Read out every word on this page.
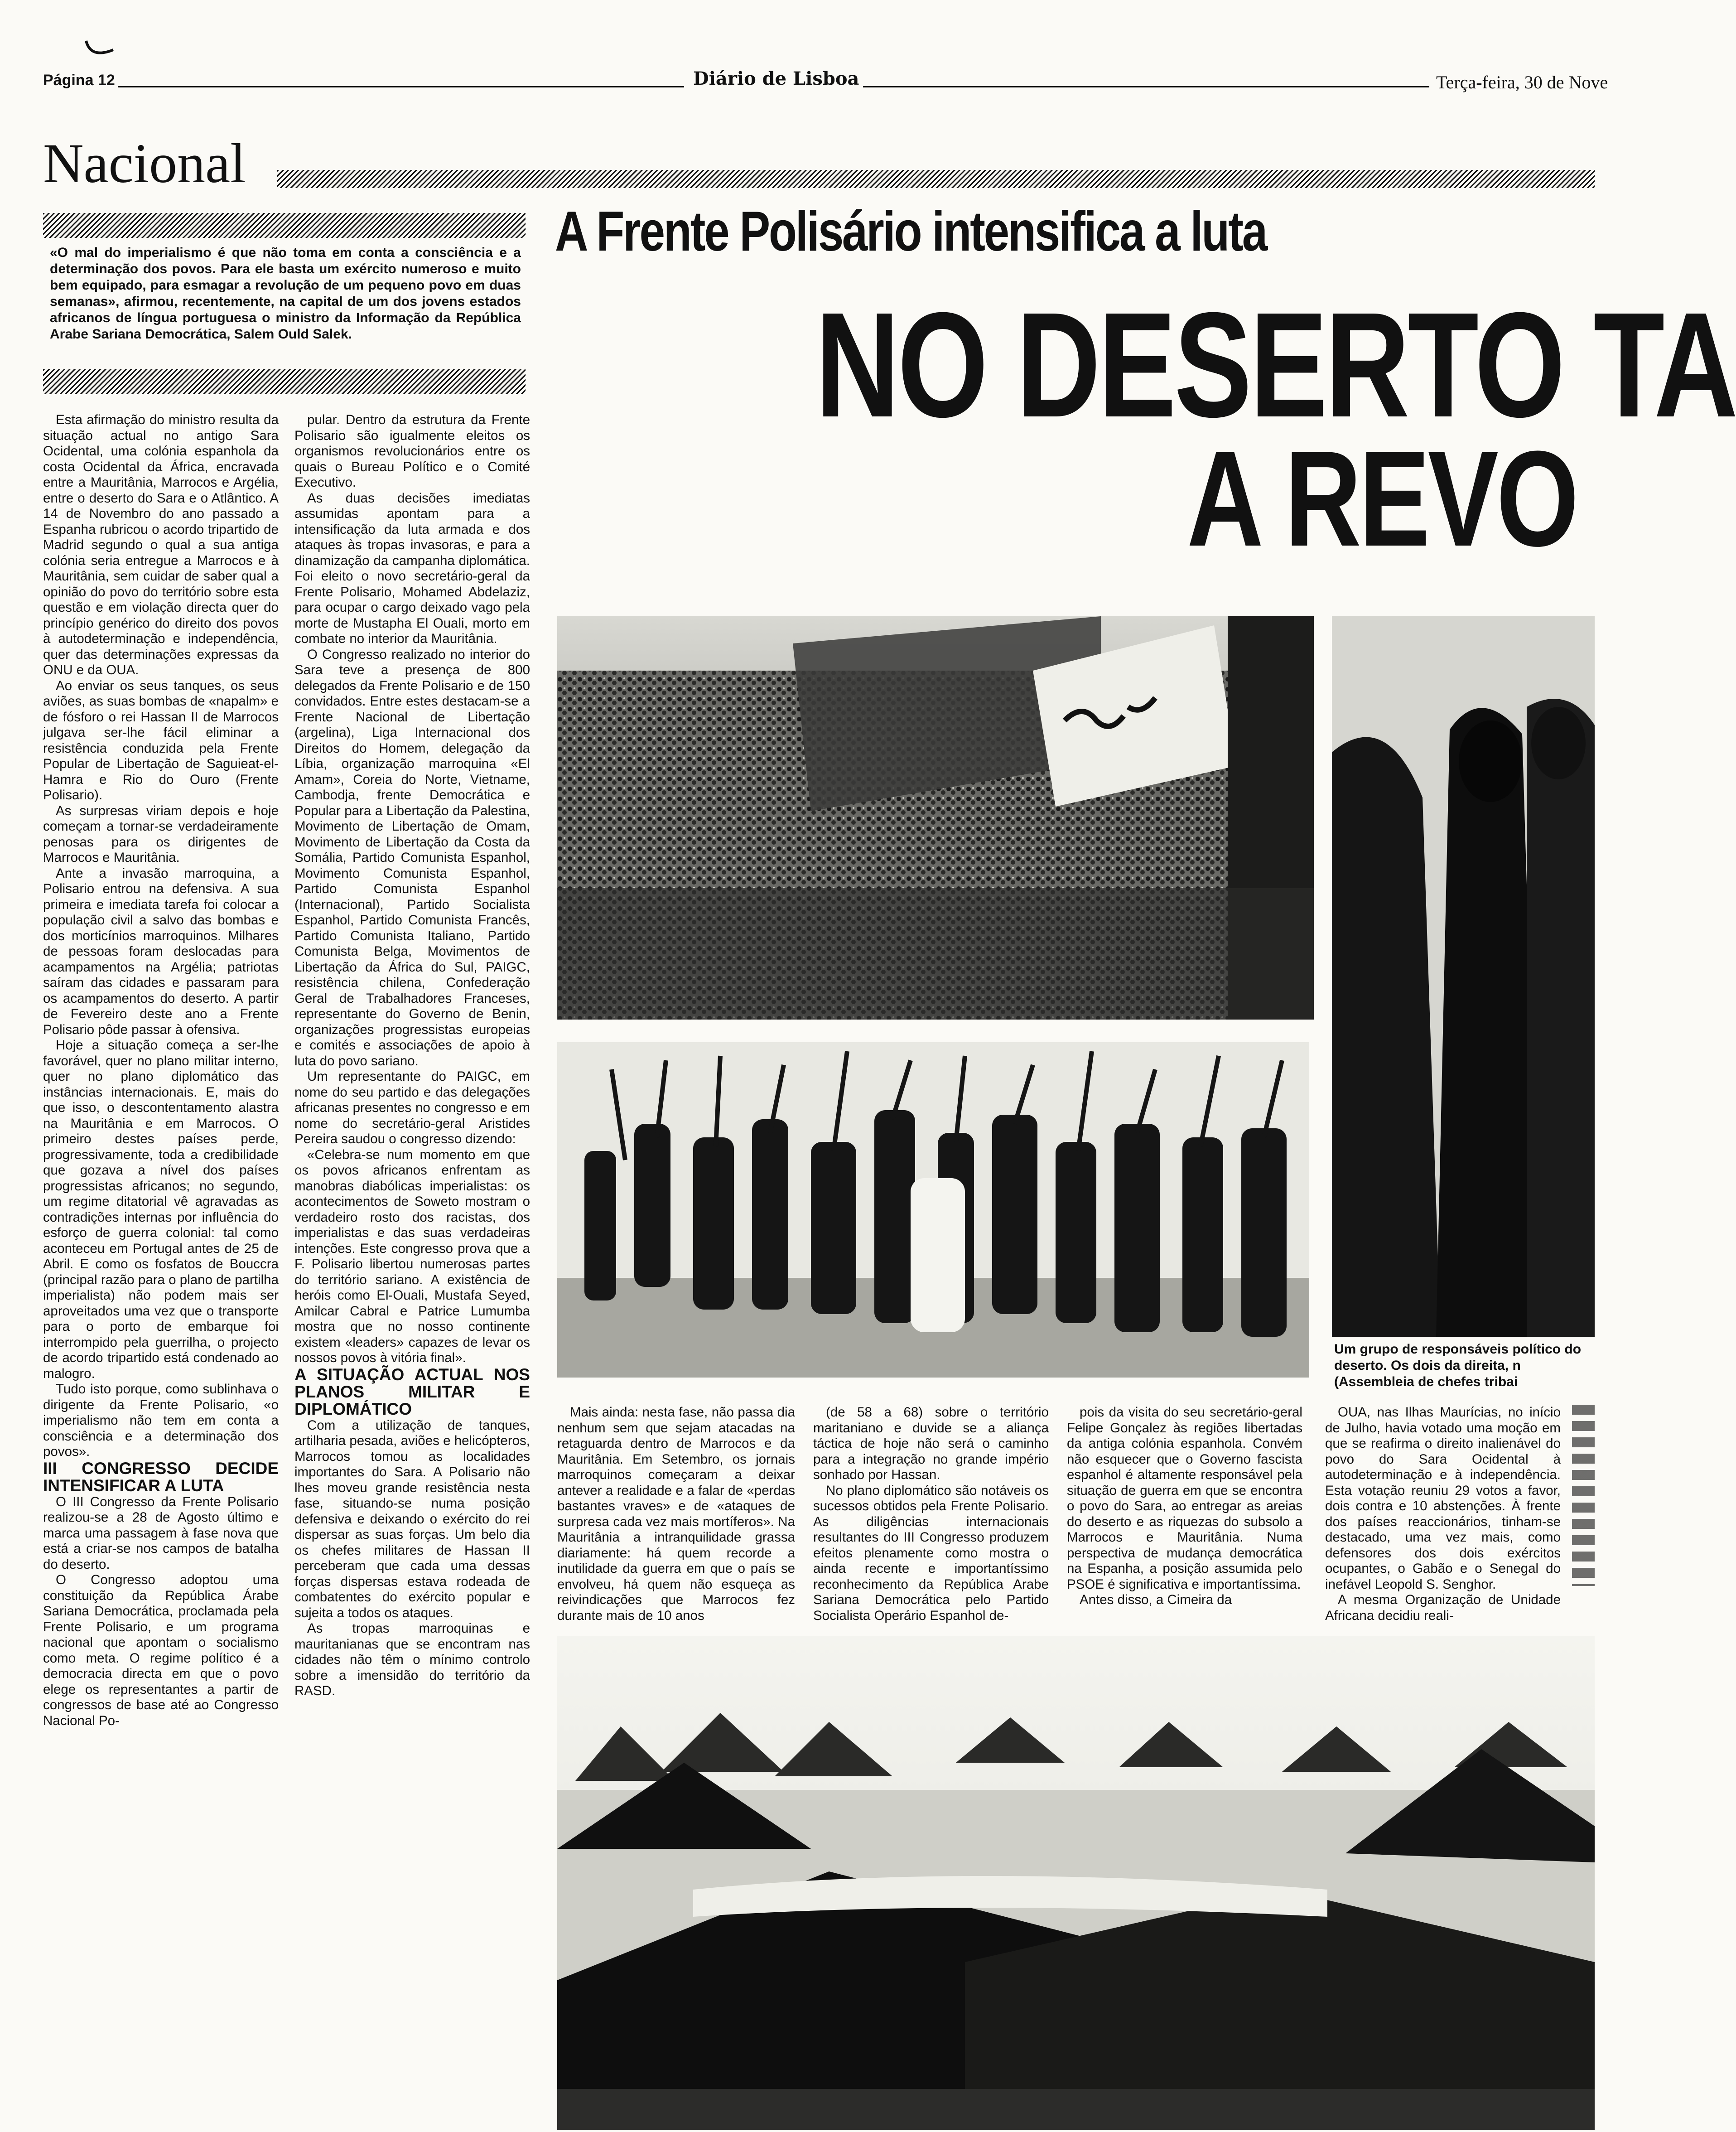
Página 12	Diário de Lisboa	Terça-feira, 30 de Nove
Nacional
«O mal do imperialismo é que não toma em conta a consciência e a determinação dos povos. Para ele basta um exército numeroso e muito bem equipado, para esmagar a revolução de um pequeno povo em duas semanas», afirmou, recentemente, na capital de um dos jovens estados africanos de língua portuguesa o ministro da Informação da República Arabe Sariana Democrática, Salem Ould Salek.
A Frente Polisário intensifica a luta
NO DESERTO TA
A REVO

Esta afirmação do ministro resulta da situação actual no antigo Sara Ocidental, uma colónia espanhola da costa Ocidental da África, encravada entre a Mauritânia, Marrocos e Argélia, entre o deserto do Sara e o Atlântico. A 14 de Novembro do ano passado a Espanha rubricou o acordo tripartido de Madrid segundo o qual a sua antiga colónia seria entregue a Marrocos e à Mauritânia, sem cuidar de saber qual a opinião do povo do território sobre esta questão e em violação directa quer do princípio genérico do direito dos povos à autodeterminação e independência, quer das determinações expressas da ONU e da OUA.

Ao enviar os seus tanques, os seus aviões, as suas bombas de «napalm» e de fósforo o rei Hassan II de Marrocos julgava ser-lhe fácil eliminar a resistência conduzida pela Frente Popular de Libertação de Saguieat-el-Hamra e Rio do Ouro (Frente Polisario).

As surpresas viriam depois e hoje começam a tornar-se verdadeiramente penosas para os dirigentes de Marrocos e Mauritânia.

Ante a invasão marroquina, a Polisario entrou na defensiva. A sua primeira e imediata tarefa foi colocar a população civil a salvo das bombas e dos morticínios marroquinos. Milhares de pessoas foram deslocadas para acampamentos na Argélia; patriotas saíram das cidades e passaram para os acampamentos do deserto. A partir de Fevereiro deste ano a Frente Polisario pôde passar à ofensiva.

Hoje a situação começa a ser-lhe favorável, quer no plano militar interno, quer no plano diplomático das instâncias internacionais. E, mais do que isso, o descontentamento alastra na Mauritânia e em Marrocos. O primeiro destes países perde, progressivamente, toda a credibilidade que gozava a nível dos países progressistas africanos; no segundo, um regime ditatorial vê agravadas as contradições internas por influência do esforço de guerra colonial: tal como aconteceu em Portugal antes de 25 de Abril. E como os fosfatos de Bouccra (principal razão para o plano de partilha imperialista) não podem mais ser aproveitados uma vez que o transporte para o porto de embarque foi interrompido pela guerrilha, o projecto de acordo tripartido está condenado ao malogro.

Tudo isto porque, como sublinhava o dirigente da Frente Polisario, «o imperialismo não tem em conta a consciência e a determinação dos povos».

III CONGRESSO DECIDE INTENSIFICAR A LUTA

O III Congresso da Frente Polisario realizou-se a 28 de Agosto último e marca uma passagem à fase nova que está a criar-se nos campos de batalha do deserto.

O Congresso adoptou uma constituição da República Árabe Sariana Democrática, proclamada pela Frente Polisario, e um programa nacional que apontam o socialismo como meta. O regime político é a democracia directa em que o povo elege os representantes a partir de congressos de base até ao Congresso Nacional Po-

pular. Dentro da estrutura da Frente Polisario são igualmente eleitos os organismos revolucionários entre os quais o Bureau Político e o Comité Executivo.

As duas decisões imediatas assumidas apontam para a intensificação da luta armada e dos ataques às tropas invasoras, e para a dinamização da campanha diplomática. Foi eleito o novo secretário-geral da Frente Polisario, Mohamed Abdelaziz, para ocupar o cargo deixado vago pela morte de Mustapha El Ouali, morto em combate no interior da Mauritânia.

O Congresso realizado no interior do Sara teve a presença de 800 delegados da Frente Polisario e de 150 convidados. Entre estes destacam-se a Frente Nacional de Libertação (argelina), Liga Internacional dos Direitos do Homem, delegação da Líbia, organização marroquina «El Amam», Coreia do Norte, Vietname, Cambodja, frente Democrática e Popular para a Libertação da Palestina, Movimento de Libertação de Omam, Movimento de Libertação da Costa da Somália, Partido Comunista Espanhol, Movimento Comunista Espanhol, Partido Comunista Espanhol (Internacional), Partido Socialista Espanhol, Partido Comunista Francês, Partido Comunista Italiano, Partido Comunista Belga, Movimentos de Libertação da África do Sul, PAIGC, resistência chilena, Confederação Geral de Trabalhadores Franceses, representante do Governo de Benin, organizações progressistas europeias e comités e associações de apoio à luta do povo sariano.

Um representante do PAIGC, em nome do seu partido e das delegações africanas presentes no congresso e em nome do secretário-geral Aristides Pereira saudou o congresso dizendo:

«Celebra-se num momento em que os povos africanos enfrentam as manobras diabólicas imperialistas: os acontecimentos de Soweto mostram o verdadeiro rosto dos racistas, dos imperialistas e das suas verdadeiras intenções. Este congresso prova que a F. Polisario libertou numerosas partes do território sariano. A existência de heróis como El-Ouali, Mustafa Seyed, Amilcar Cabral e Patrice Lumumba mostra que no nosso continente existem «leaders» capazes de levar os nossos povos à vitória final».

A SITUAÇÃO ACTUAL NOS PLANOS MILITAR E DIPLOMÁTICO

Com a utilização de tanques, artilharia pesada, aviões e helicópteros, Marrocos tomou as localidades importantes do Sara. A Polisario não lhes moveu grande resistência nesta fase, situando-se numa posição defensiva e deixando o exército do rei dispersar as suas forças. Um belo dia os chefes militares de Hassan II perceberam que cada uma dessas forças dispersas estava rodeada de combatentes do exército popular e sujeita a todos os ataques.

As tropas marroquinas e mauritanianas que se encontram nas cidades não têm o mínimo controlo sobre a imensidão do território da RASD.

Um grupo de responsáveis político do deserto. Os dois da direita, n (Assembleia de chefes tribai

Mais ainda: nesta fase, não passa dia nenhum sem que sejam atacadas na retaguarda dentro de Marrocos e da Mauritânia. Em Setembro, os jornais marroquinos começaram a deixar antever a realidade e a falar de «perdas bastantes vraves» e de «ataques de surpresa cada vez mais mortíferos». Na Mauritânia a intranquilidade grassa diariamente: há quem recorde a inutilidade da guerra em que o país se envolveu, há quem não esqueça as reivindicações que Marrocos fez durante mais de 10 anos

(de 58 a 68) sobre o território maritaniano e duvide se a aliança táctica de hoje não será o caminho para a integração no grande império sonhado por Hassan.

No plano diplomático são notáveis os sucessos obtidos pela Frente Polisario. As diligências internacionais resultantes do III Congresso produzem efeitos plenamente como mostra o ainda recente e importantíssimo reconhecimento da República Arabe Sariana Democrática pelo Partido Socialista Operário Espanhol de-

pois da visita do seu secretário-geral Felipe Gonçalez às regiões libertadas da antiga colónia espanhola. Convém não esquecer que o Governo fascista espanhol é altamente responsável pela situação de guerra em que se encontra o povo do Sara, ao entregar as areias do deserto e as riquezas do subsolo a Marrocos e Mauritânia. Numa perspectiva de mudança democrática na Espanha, a posição assumida pelo PSOE é significativa e importantíssima.

Antes disso, a Cimeira da

OUA, nas Ilhas Maurícias, no início de Julho, havia votado uma moção em que se reafirma o direito inalienável do povo do Sara Ocidental à autodeterminação e à independência. Esta votação reuniu 29 votos a favor, dois contra e 10 abstenções. À frente dos países reaccionários, tinham-se destacado, uma vez mais, como defensores dos dois exércitos ocupantes, o Gabão e o Senegal do inefável Leopold S. Senghor.

A mesma Organização de Unidade Africana decidiu reali-
